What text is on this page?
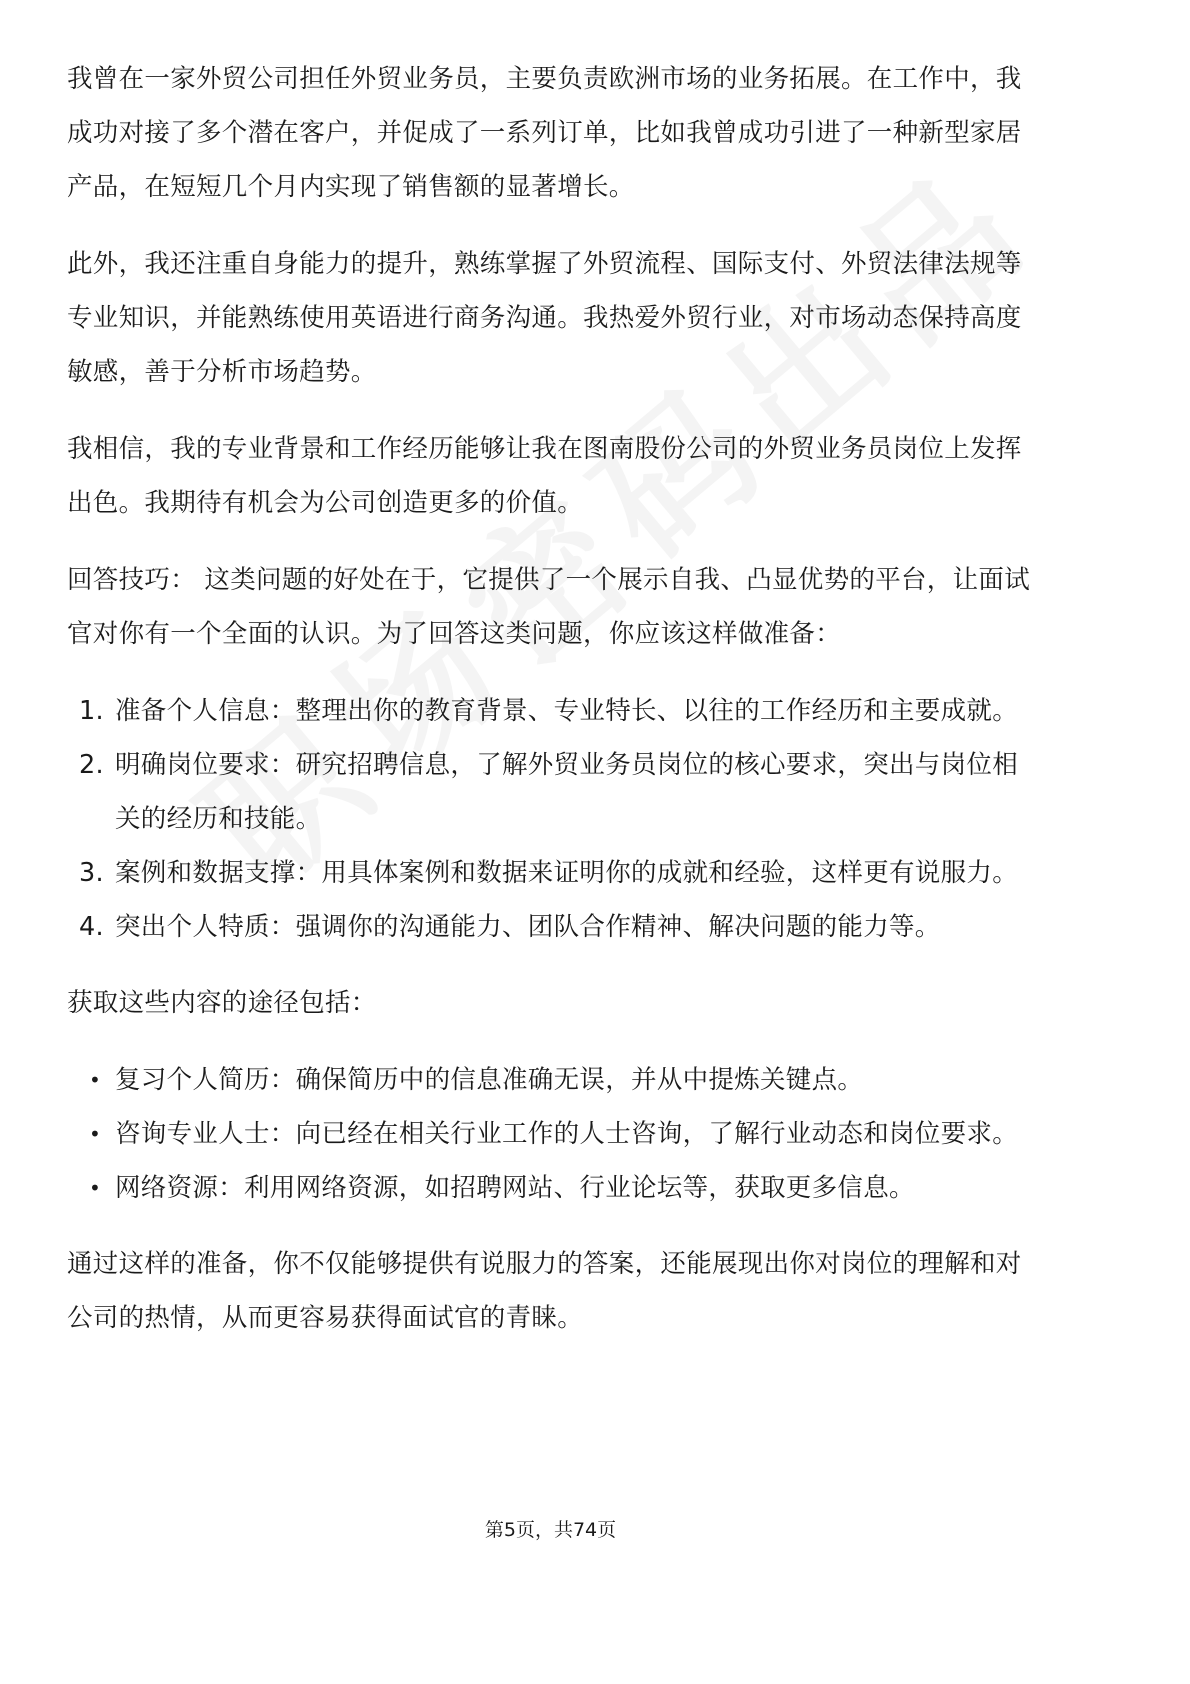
我曾在一家外贸公司担任外贸业务员，主要负责欧洲市场的业务拓展。在工作中，我成功对接了多个潜在客户，并促成了一系列订单，比如我曾成功引进了一种新型家居产品，在短短几个月内实现了销售额的显著增长。

此外，我还注重自身能力的提升，熟练掌握了外贸流程、国际支付、外贸法律法规等专业知识，并能熟练使用英语进行商务沟通。我热爱外贸行业，对市场动态保持高度敏感，善于分析市场趋势。

我相信，我的专业背景和工作经历能够让我在图南股份公司的外贸业务员岗位上发挥出色。我期待有机会为公司创造更多的价值。

回答技巧： 这类问题的好处在于，它提供了一个展示自我、凸显优势的平台，让面试官对你有一个全面的认识。为了回答这类问题，你应该这样做准备：

1. 准备个人信息：整理出你的教育背景、专业特长、以往的工作经历和主要成就。
2. 明确岗位要求：研究招聘信息，了解外贸业务员岗位的核心要求，突出与岗位相关的经历和技能。
3. 案例和数据支撑：用具体案例和数据来证明你的成就和经验，这样更有说服力。
4. 突出个人特质：强调你的沟通能力、团队合作精神、解决问题的能力等。

获取这些内容的途径包括：

• 复习个人简历：确保简历中的信息准确无误，并从中提炼关键点。
• 咨询专业人士：向已经在相关行业工作的人士咨询，了解行业动态和岗位要求。
• 网络资源：利用网络资源，如招聘网站、行业论坛等，获取更多信息。

通过这样的准备，你不仅能够提供有说服力的答案，还能展现出你对岗位的理解和对公司的热情，从而更容易获得面试官的青睐。

第5页，共74页
